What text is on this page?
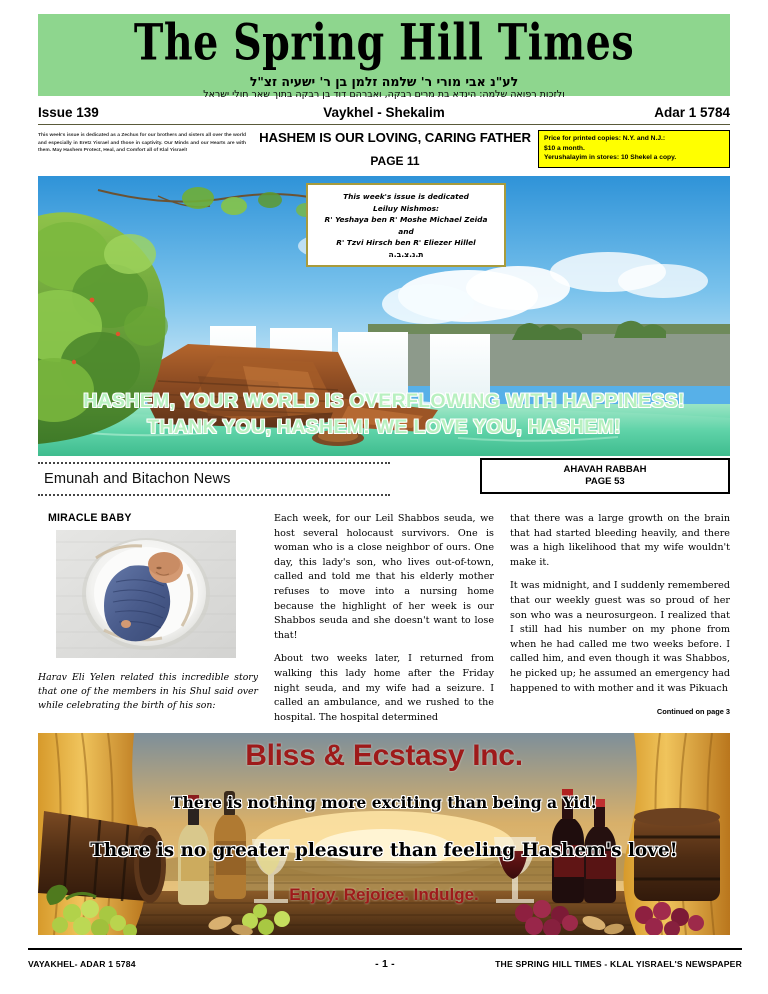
The Spring Hill Times
לע"נ אבי מורי ר' שלמה זלמן בן ר' ישעיה זצ"ל
ולזכות רפואה שלמה: הינדא בת מרים רבקה, ואברהם דוד בן רבקה בתוך שאר חולי ישראל
Issue 139	Vaykhel - Shekalim	Adar 1 5784
This week's issue is dedicated as a Zechus for our brothers and sisters all over the world and especially in Eretz Yisrael and those in captivity. Our Minds and our Hearts are with them. May Hashem Protect, Heal, and Comfort all of Klal Yisrael!
HASHEM IS OUR LOVING, CARING FATHER
PAGE 11
Price for printed copies: N.Y. and N.J.:
$10 a month.
Yerushalayim in stores: 10 Shekel a copy.
This week's issue is dedicated
Leiluy Nishmos:
R' Yeshaya ben R' Moshe Michael Zeida
and
R' Tzvi Hirsch ben R' Eliezer Hillel
ת.נ.צ.ב.ה
HASHEM, YOUR WORLD IS OVERFLOWING WITH HAPPINESS!
THANK YOU, HASHEM! WE LOVE YOU, HASHEM!
Emunah and Bitachon News
AHAVAH RABBAH
PAGE 53
MIRACLE BABY
Harav Eli Yelen related this incredible story that one of the members in his Shul said over while celebrating the birth of his son:

Each week, for our Leil Shabbos seuda, we host several holocaust survivors. One is woman who is a close neighbor of ours. One day, this lady's son, who lives out-of-town, called and told me that his elderly mother refuses to move into a nursing home because the highlight of her week is our Shabbos seuda and she doesn't want to lose that!

About two weeks later, I returned from walking this lady home after the Friday night seuda, and my wife had a seizure. I called an ambulance, and we rushed to the hospital. The hospital determined

that there was a large growth on the brain that had started bleeding heavily, and there was a high likelihood that my wife wouldn't make it.

It was midnight, and I suddenly remembered that our weekly guest was so proud of her son who was a neurosurgeon. I realized that I still had his number on my phone from when he had called me two weeks before. I called him, and even though it was Shabbos, he picked up; he assumed an emergency had happened to with mother and it was Pikuach

Continued on page 3
Bliss & Ecstasy Inc.
There is nothing more exciting than being a Yid!
There is no greater pleasure than feeling Hashem's love!
Enjoy. Rejoice. Indulge.
VAYAKHEL- ADAR 1 5784	- 1 -	THE SPRING HILL TIMES - KLAL YISRAEL'S NEWSPAPER
